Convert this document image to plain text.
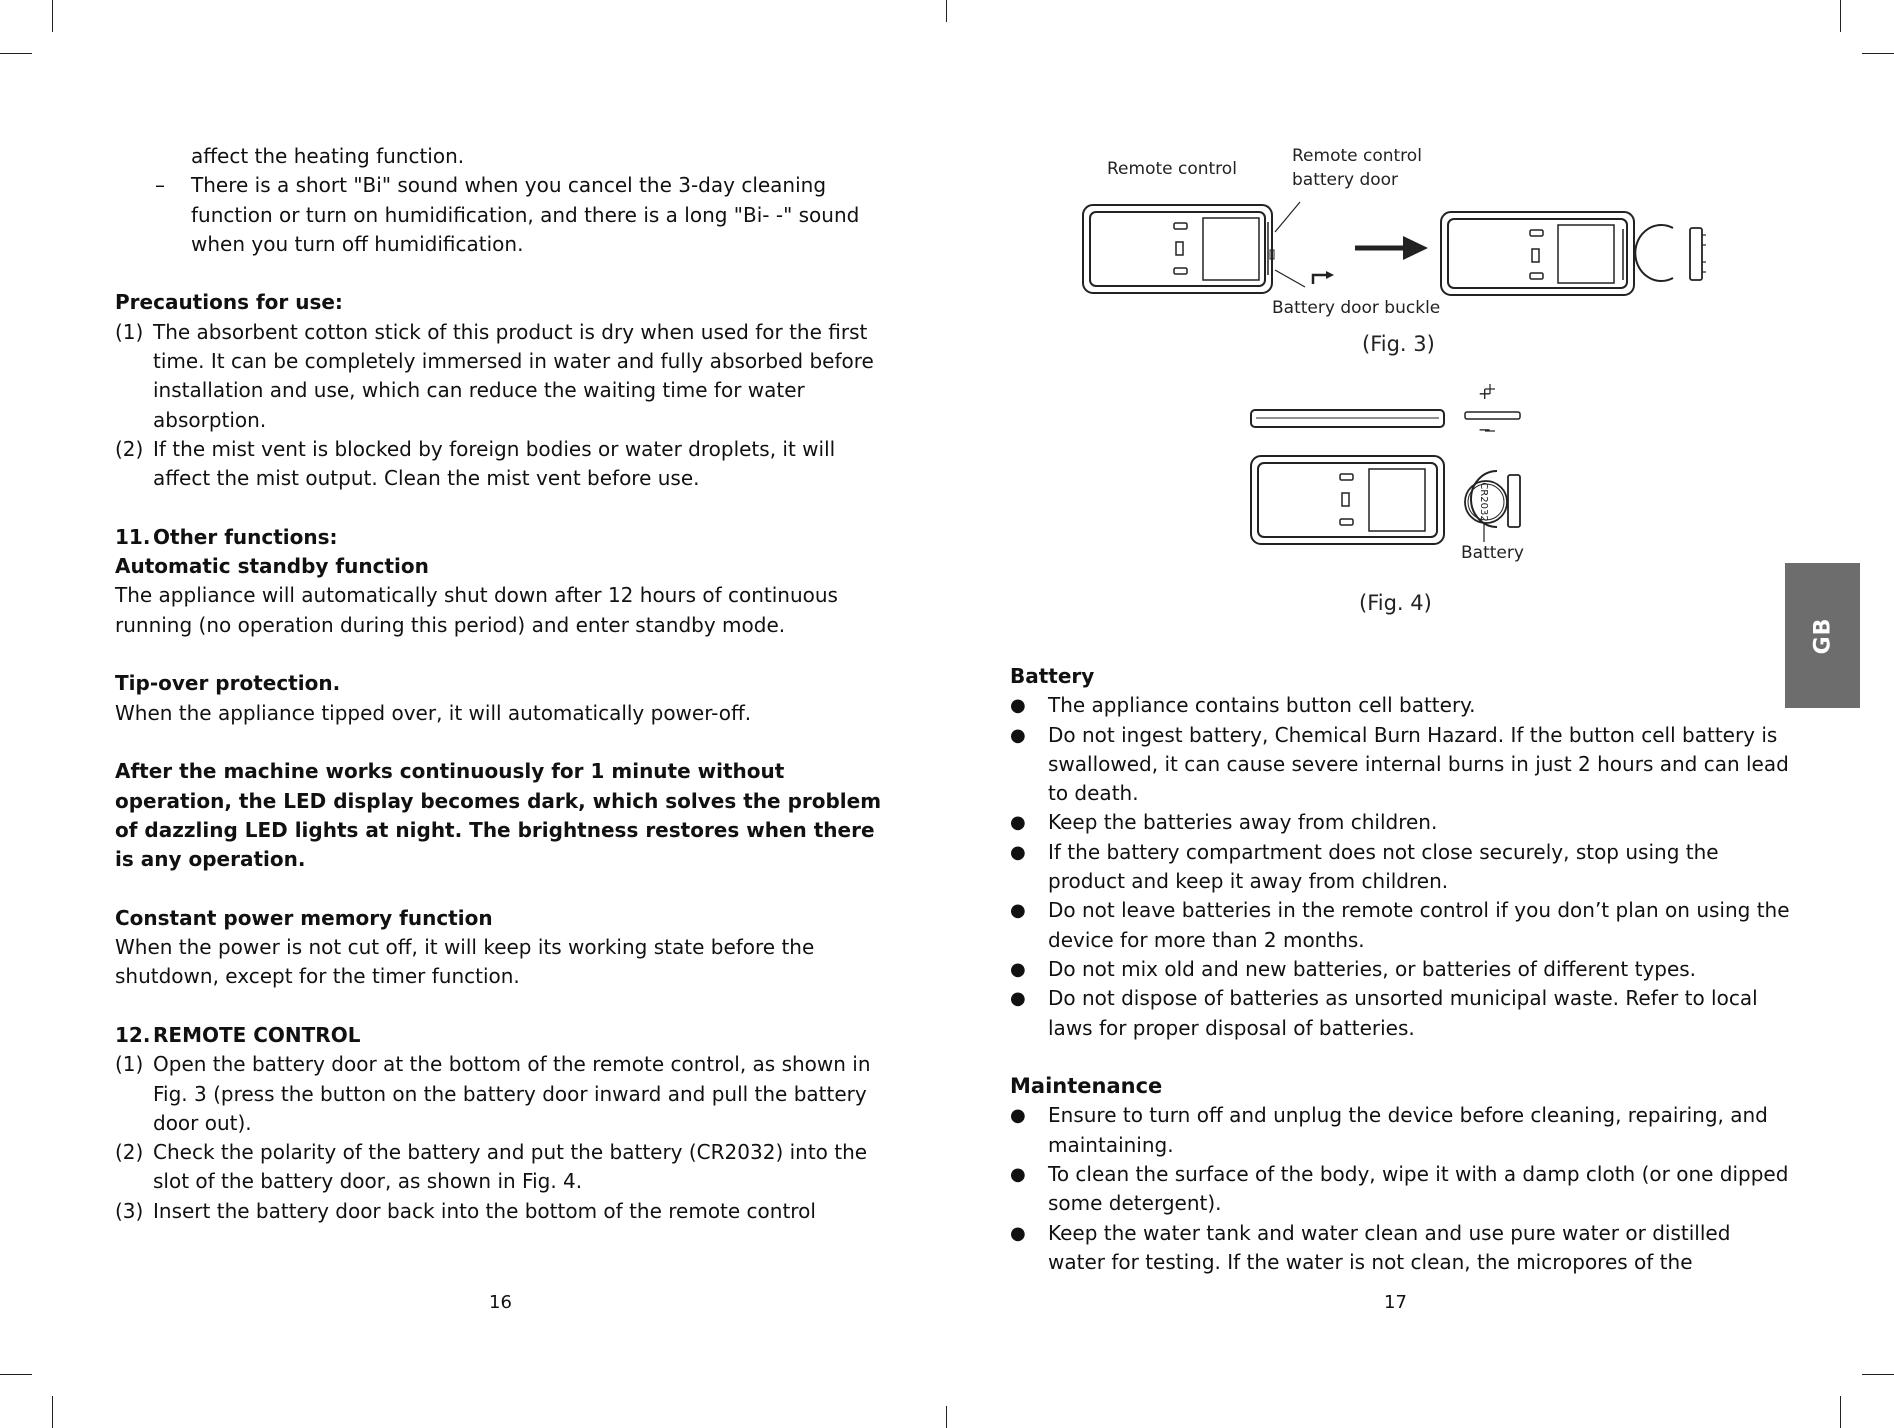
affect the heating function.

–	There is a short "Bi" sound when you cancel the 3-day cleaning function or turn on humidification, and there is a long "Bi- -" sound when you turn off humidification.

Precautions for use:

(1) The absorbent cotton stick of this product is dry when used for the first time. It can be completely immersed in water and fully absorbed before installation and use, which can reduce the waiting time for water absorption.
(2) If the mist vent is blocked by foreign bodies or water droplets, it will affect the mist output. Clean the mist vent before use.
11. Other functions:

Automatic standby function

The appliance will automatically shut down after 12 hours of continuous running (no operation during this period) and enter standby mode.

Tip-over protection.

When the appliance tipped over, it will automatically power-off.

After the machine works continuously for 1 minute without operation, the LED display becomes dark, which solves the problem of dazzling LED lights at night. The brightness restores when there is any operation.

Constant power memory function

When the power is not cut off, it will keep its working state before the shutdown, except for the timer function.

12. REMOTE CONTROL
(1) Open the battery door at the bottom of the remote control, as shown in Fig. 3 (press the button on the battery door inward and pull the battery door out).
(2) Check the polarity of the battery and put the battery (CR2032) into the slot of the battery door, as shown in Fig. 4.
(3) Insert the battery door back into the bottom of the remote control
16
CR2032
Remote control
Remote control
battery door
Battery door buckle
(Fig. 3)
+
−
Battery
(Fig. 4)

Battery

●	The appliance contains button cell battery.
●	Do not ingest battery, Chemical Burn Hazard. If the button cell battery is swallowed, it can cause severe internal burns in just 2 hours and can lead to death.
●	Keep the batteries away from children.
●	If the battery compartment does not close securely, stop using the product and keep it away from children.
●	Do not leave batteries in the remote control if you don’t plan on using the device for more than 2 months.
●	Do not mix old and new batteries, or batteries of different types.
●	Do not dispose of batteries as unsorted municipal waste. Refer to local laws for proper disposal of batteries.

Maintenance

●	Ensure to turn off and unplug the device before cleaning, repairing, and maintaining.
●	To clean the surface of the body, wipe it with a damp cloth (or one dipped some detergent).
●	Keep the water tank and water clean and use pure water or distilled water for testing. If the water is not clean, the micropores of the
17
GB
